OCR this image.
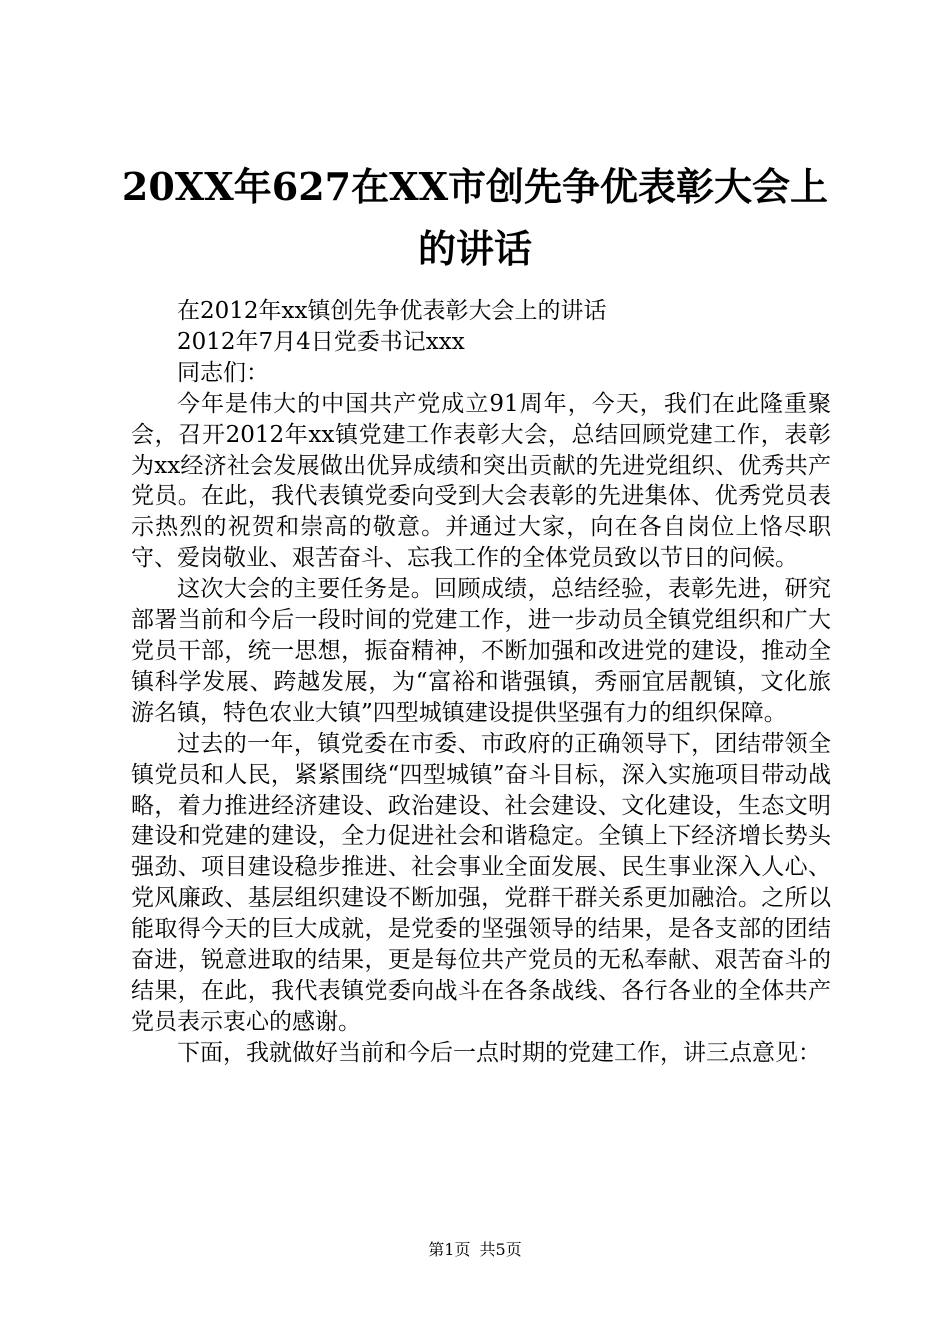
20XX年627在XX市创先争优表彰大会上的讲话

在2012年xx镇创先争优表彰大会上的讲话

2012年7月4日党委书记xxx

同志们：

今年是伟大的中国共产党成立91周年，今天，我们在此隆重聚会，召开2012年xx镇党建工作表彰大会，总结回顾党建工作，表彰为xx经济社会发展做出优异成绩和突出贡献的先进党组织、优秀共产党员。在此，我代表镇党委向受到大会表彰的先进集体、优秀党员表示热烈的祝贺和崇高的敬意。并通过大家，向在各自岗位上恪尽职守、爱岗敬业、艰苦奋斗、忘我工作的全体党员致以节日的问候。

这次大会的主要任务是。回顾成绩，总结经验，表彰先进，研究部署当前和今后一段时间的党建工作，进一步动员全镇党组织和广大党员干部，统一思想，振奋精神，不断加强和改进党的建设，推动全镇科学发展、跨越发展，为“富裕和谐强镇，秀丽宜居靓镇，文化旅游名镇，特色农业大镇”四型城镇建设提供坚强有力的组织保障。

过去的一年，镇党委在市委、市政府的正确领导下，团结带领全镇党员和人民，紧紧围绕“四型城镇”奋斗目标，深入实施项目带动战略，着力推进经济建设、政治建设、社会建设、文化建设，生态文明建设和党建的建设，全力促进社会和谐稳定。全镇上下经济增长势头强劲、项目建设稳步推进、社会事业全面发展、民生事业深入人心、党风廉政、基层组织建设不断加强，党群干群关系更加融洽。之所以能取得今天的巨大成就，是党委的坚强领导的结果，是各支部的团结奋进，锐意进取的结果，更是每位共产党员的无私奉献、艰苦奋斗的结果，在此，我代表镇党委向战斗在各条战线、各行各业的全体共产党员表示衷心的感谢。

下面，我就做好当前和今后一点时期的党建工作，讲三点意见：

第1页 共5页
